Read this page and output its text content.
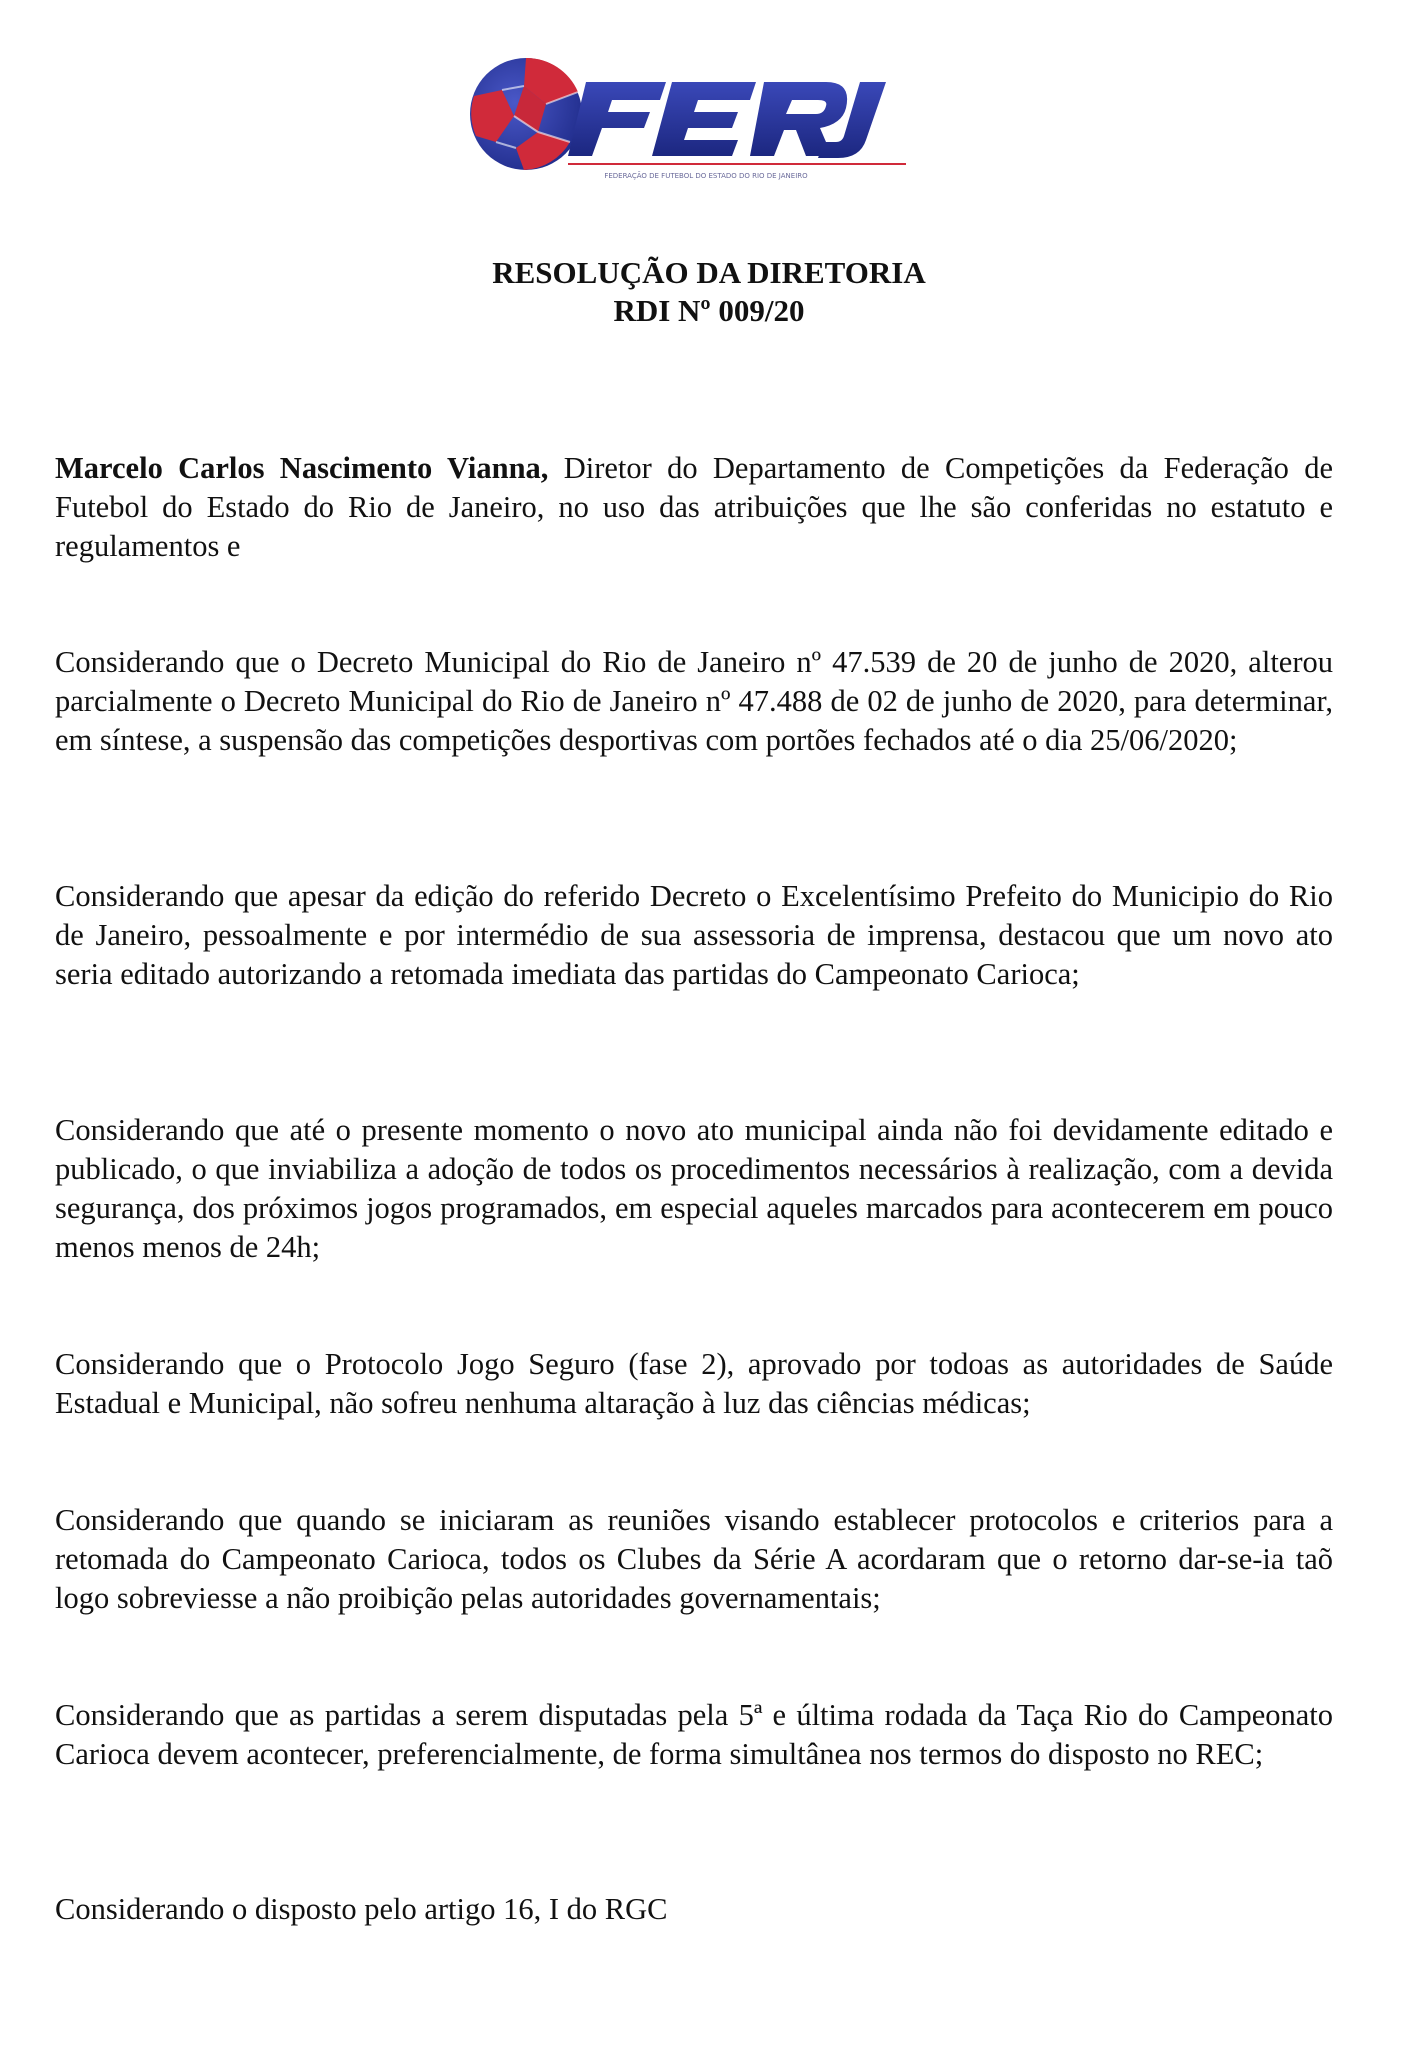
FEDERAÇÃO DE FUTEBOL DO ESTADO DO RIO DE JANEIRO
RESOLUÇÃO DA DIRETORIA
RDI Nº 009/20

Marcelo Carlos Nascimento Vianna, Diretor do Departamento de Competições da Federação de Futebol do Estado do Rio de Janeiro, no uso das atribuições que lhe são conferidas no estatuto e regulamentos e

Considerando que o Decreto Municipal do Rio de Janeiro nº 47.539 de 20 de junho de 2020, alterou parcialmente o Decreto Municipal do Rio de Janeiro nº 47.488 de 02 de junho de 2020, para determinar, em síntese, a suspensão das competições desportivas com portões fechados até o dia 25/06/2020;

Considerando que apesar da edição do referido Decreto o Excelentísimo Prefeito do Municipio do Rio de Janeiro, pessoalmente e por intermédio de sua assessoria de imprensa, destacou que um novo ato seria editado autorizando a retomada imediata das partidas do Campeonato Carioca;

Considerando que até o presente momento o novo ato municipal ainda não foi devidamente editado e publicado, o que inviabiliza a adoção de todos os procedimentos necessários à realização, com a devida segurança, dos próximos jogos programados, em especial aqueles marcados para acontecerem em pouco menos menos de 24h;

Considerando que o Protocolo Jogo Seguro (fase 2), aprovado por todoas as autoridades de Saúde Estadual e Municipal, não sofreu nenhuma altaração à luz das ciências médicas;

Considerando que quando se iniciaram as reuniões visando establecer protocolos e criterios para a retomada do Campeonato Carioca, todos os Clubes da Série A acordaram que o retorno dar-se-ia taõ logo sobreviesse a não proibição pelas autoridades governamentais;

Considerando que as partidas a serem disputadas pela 5ª e última rodada da Taça Rio do Campeonato Carioca devem acontecer, preferencialmente, de forma simultânea nos termos do disposto no REC;

Considerando o disposto pelo artigo 16, I do RGC
